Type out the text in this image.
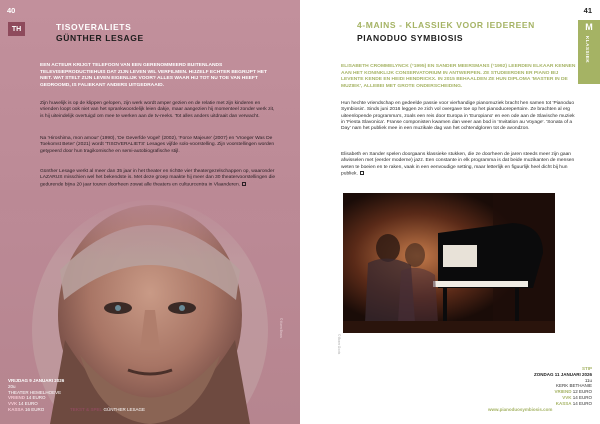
40
TH	TISOVERALIETS
GÜNTHER LESAGE
EEN ACTEUR KRIJGT TELEFOON VAN EEN GERENOMMEERD BUITENLANDS TELEVISIEPRODUCTIEHUIS DAT ZIJN LEVEN WIL VERFILMEN. HIJZELF ECHTER BEGRIJPT HET NIET. WAT STELT ZIJN LEVEN EIGENLIJK VOOR? ALLES WAAR HIJ TOT NU TOE VAN HEEFT GEDROOMD, IS FALIEKANT ANDERS UITGEDRAAID.
Zijn huwelijk is op de klippen gelopen, zijn werk wordt amper gezien en de relatie met zijn kinderen en vrienden loopt ook niet van het sprankwoordelijk leien dakje, maar aangezien hij momenteel zonder werk zit, is hij uiteindelijk overtuigd om mee te werken aan de tv-reeks. Tot alles anders uitdraait dan verwacht.
Na 'Hiroshima, mon amour' (1990), 'De Geverfde Vogel' (2002), 'Force Majeure' (2007) en 'Vroeger Was De Toekomst Beter' (2021) wordt 'TISOVERALIETS' Lesages vijfde solo-voorstelling. Zijn voorstellingen worden getypeerd door hun tragikomische en semi-autobiografische stijl.
Günther Lesage werkt al meer dan 35 jaar in het theater en richtte vier theatergezelschappen op, waaronder LAZARUS misschien wel het bekendste is. Met deze groep maakte hij meer dan 30 theatervoorstellingen die gedurende bijna 20 jaar touren doorheen zowat alle theaters en cultuurcentra in Vlaanderen.
© Koen Broos
VRIJDAG 9 JANUARI 2026
20u
THEATER HEMELHOEVE
VRIEND 14 EURO
VVK 14 EURO
KASSA 16 EURO	TEKST & SPEL GÜNTHER LESAGE
41
M
KLASSIEK
4-MAINS - KLASSIEK VOOR IEDEREEN
PIANODUO SYMBIOSIS
ELISABETH CROMMELYNCK (°1995) EN SANDER MEERSMANS (°1992) LEERDEN ELKAAR KENNEN AAN HET KONINKLIJK CONSERVATORIUM IN ANTWERPEN. ZE STUDEERDEN ER PIANO BIJ LEVENTE KENDE EN HEIDI HENDRICKX. IN 2015 BEHAALDEN ZE HUN DIPLOMA 'MASTER IN DE MUZIEK', ALLEBEI MET GROTE ONDERSCHEIDING.
Hun hechte vriendschap en gedeelde passie voor vierhandige pianomuziek bracht hen samen tot 'Pianoduo Symbiosis'. Sinds juni 2016 leggen ze zich vol overgave toe op het pianoduorepertoire. Ze brachten al erg uiteenlopende programma's, zoals een reis door Europa in 'Europiano' en een ode aan de Slavische muziek in 'Fiesta Slavonica'. Franse componisten kwamen dan weer aan bod in 'Invitation au Voyage'. 'Sonata of a Day' nam het publiek mee in een muzikale dag van het ochtendgloren tot de avondzon.
Elisabeth en Sander spelen doorgaans klassieke stukken, die ze doorheen de jaren steeds meer zijn gaan afwisselen met (eerder moderne) jazz. Een constante in elk programma is dat beide muzikanten de mensen weten te boeien en te raken, vaak in een eenvoudige setting, maar letterlijk en figuurlijk heel dicht bij hun publiek.
© Bram Goots
STIP
ZONDAG 11 JANUARI 2026
11u
KERK BETHANIE
VRIEND 12 EURO
VVK 14 EURO
KASSA 14 EURO
www.pianoduosymbiosis.com
